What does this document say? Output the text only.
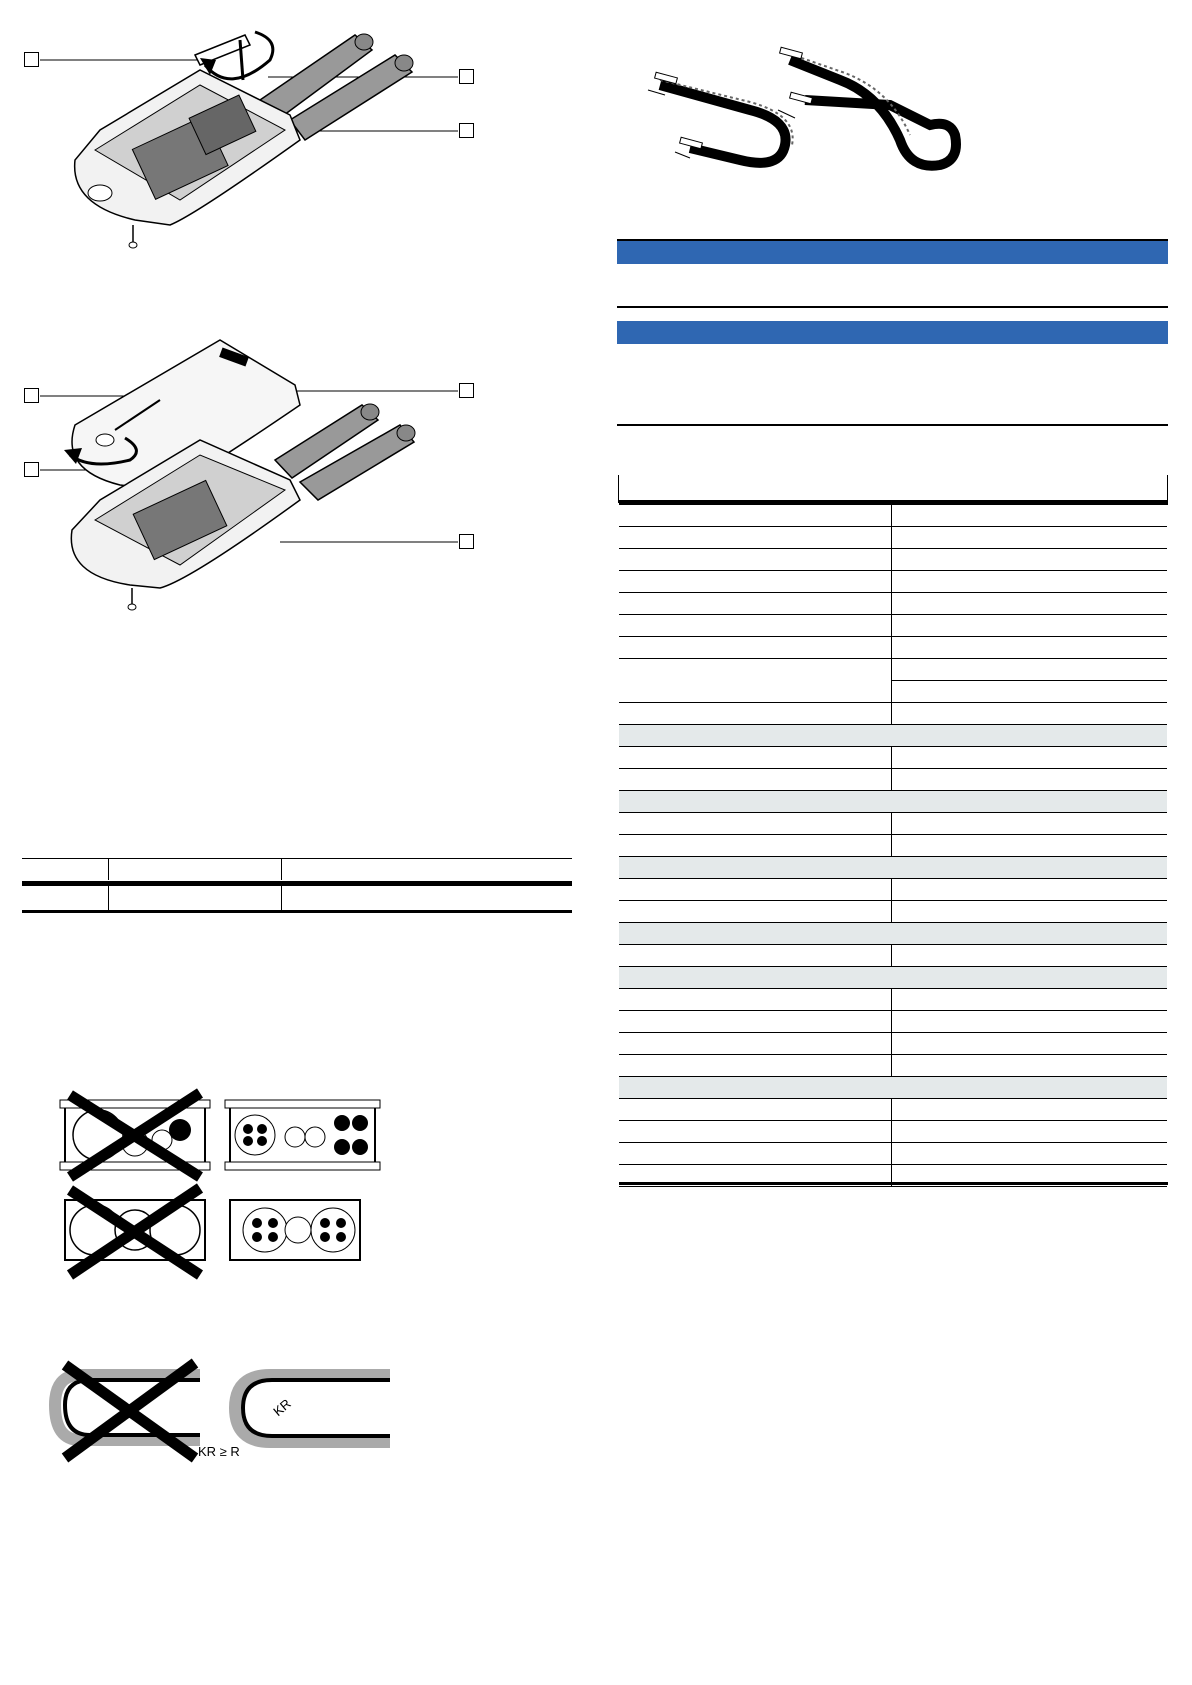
KR ≥ R
KR
